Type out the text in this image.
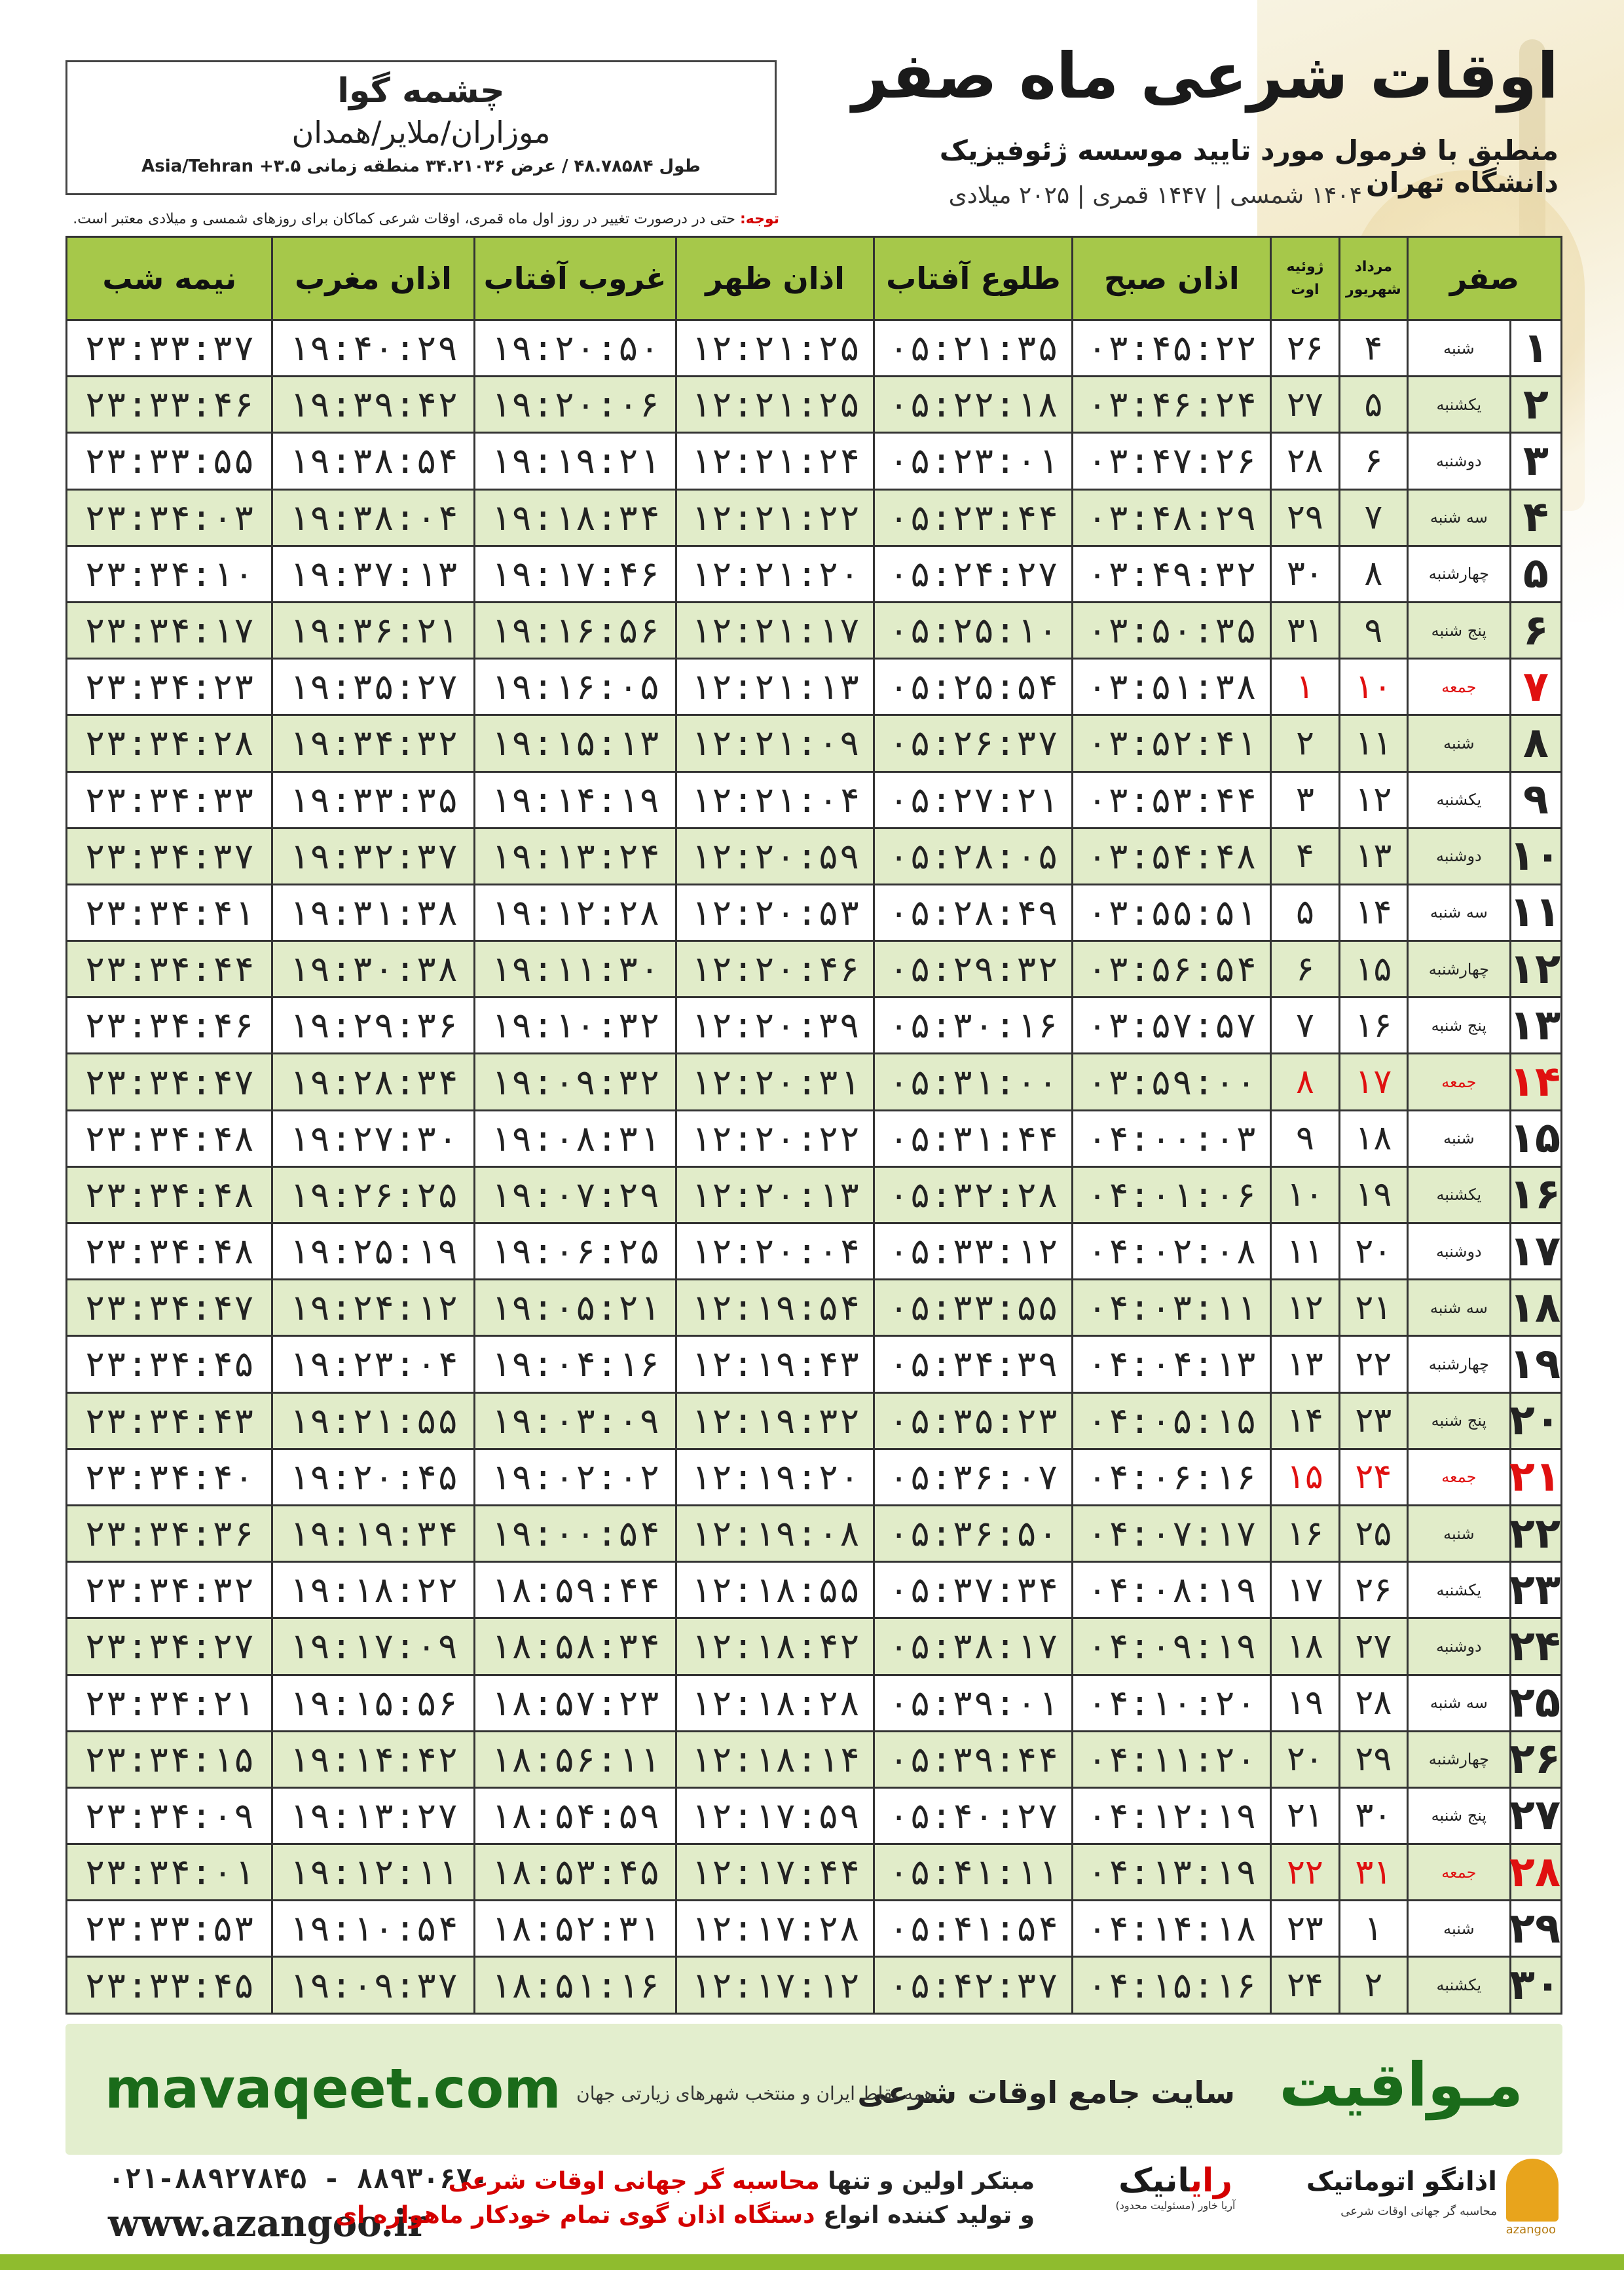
اوقات شرعی ماه صفر
منطبق با فرمول مورد تایید موسسه ژئوفیزیک دانشگاه تهران
۱۴۰۴ شمسی | ۱۴۴۷ قمری | ۲۰۲۵ میلادی
چشمه گوا
موزاران/ملایر/همدان
طول ۴۸.۷۸۵۸۴ / عرض ۳۴.۲۱۰۳۶ منطقه زمانی ۳.۵+ Asia/Tehran
توجه: حتی در درصورت تغییر در روز اول ماه قمری، اوقات شرعی کماکان برای روزهای شمسی و میلادی معتبر است.
صفر		مرداد شهریور	ژوئیه اوت	اذان صبح	طلوع آفتاب	اذان ظهر	غروب آفتاب	اذان مغرب	نیمه شب
۱	شنبه	۴	۲۶	۰۳:۴۵:۲۲	۰۵:۲۱:۳۵	۱۲:۲۱:۲۵	۱۹:۲۰:۵۰	۱۹:۴۰:۲۹	۲۳:۳۳:۳۷
۲	یکشنبه	۵	۲۷	۰۳:۴۶:۲۴	۰۵:۲۲:۱۸	۱۲:۲۱:۲۵	۱۹:۲۰:۰۶	۱۹:۳۹:۴۲	۲۳:۳۳:۴۶
۳	دوشنبه	۶	۲۸	۰۳:۴۷:۲۶	۰۵:۲۳:۰۱	۱۲:۲۱:۲۴	۱۹:۱۹:۲۱	۱۹:۳۸:۵۴	۲۳:۳۳:۵۵
۴	سه شنبه	۷	۲۹	۰۳:۴۸:۲۹	۰۵:۲۳:۴۴	۱۲:۲۱:۲۲	۱۹:۱۸:۳۴	۱۹:۳۸:۰۴	۲۳:۳۴:۰۳
۵	چهارشنبه	۸	۳۰	۰۳:۴۹:۳۲	۰۵:۲۴:۲۷	۱۲:۲۱:۲۰	۱۹:۱۷:۴۶	۱۹:۳۷:۱۳	۲۳:۳۴:۱۰
۶	پنج شنبه	۹	۳۱	۰۳:۵۰:۳۵	۰۵:۲۵:۱۰	۱۲:۲۱:۱۷	۱۹:۱۶:۵۶	۱۹:۳۶:۲۱	۲۳:۳۴:۱۷
۷	جمعه	۱۰	۱	۰۳:۵۱:۳۸	۰۵:۲۵:۵۴	۱۲:۲۱:۱۳	۱۹:۱۶:۰۵	۱۹:۳۵:۲۷	۲۳:۳۴:۲۳
۸	شنبه	۱۱	۲	۰۳:۵۲:۴۱	۰۵:۲۶:۳۷	۱۲:۲۱:۰۹	۱۹:۱۵:۱۳	۱۹:۳۴:۳۲	۲۳:۳۴:۲۸
۹	یکشنبه	۱۲	۳	۰۳:۵۳:۴۴	۰۵:۲۷:۲۱	۱۲:۲۱:۰۴	۱۹:۱۴:۱۹	۱۹:۳۳:۳۵	۲۳:۳۴:۳۳
۱۰	دوشنبه	۱۳	۴	۰۳:۵۴:۴۸	۰۵:۲۸:۰۵	۱۲:۲۰:۵۹	۱۹:۱۳:۲۴	۱۹:۳۲:۳۷	۲۳:۳۴:۳۷
۱۱	سه شنبه	۱۴	۵	۰۳:۵۵:۵۱	۰۵:۲۸:۴۹	۱۲:۲۰:۵۳	۱۹:۱۲:۲۸	۱۹:۳۱:۳۸	۲۳:۳۴:۴۱
۱۲	چهارشنبه	۱۵	۶	۰۳:۵۶:۵۴	۰۵:۲۹:۳۲	۱۲:۲۰:۴۶	۱۹:۱۱:۳۰	۱۹:۳۰:۳۸	۲۳:۳۴:۴۴
۱۳	پنج شنبه	۱۶	۷	۰۳:۵۷:۵۷	۰۵:۳۰:۱۶	۱۲:۲۰:۳۹	۱۹:۱۰:۳۲	۱۹:۲۹:۳۶	۲۳:۳۴:۴۶
۱۴	جمعه	۱۷	۸	۰۳:۵۹:۰۰	۰۵:۳۱:۰۰	۱۲:۲۰:۳۱	۱۹:۰۹:۳۲	۱۹:۲۸:۳۴	۲۳:۳۴:۴۷
۱۵	شنبه	۱۸	۹	۰۴:۰۰:۰۳	۰۵:۳۱:۴۴	۱۲:۲۰:۲۲	۱۹:۰۸:۳۱	۱۹:۲۷:۳۰	۲۳:۳۴:۴۸
۱۶	یکشنبه	۱۹	۱۰	۰۴:۰۱:۰۶	۰۵:۳۲:۲۸	۱۲:۲۰:۱۳	۱۹:۰۷:۲۹	۱۹:۲۶:۲۵	۲۳:۳۴:۴۸
۱۷	دوشنبه	۲۰	۱۱	۰۴:۰۲:۰۸	۰۵:۳۳:۱۲	۱۲:۲۰:۰۴	۱۹:۰۶:۲۵	۱۹:۲۵:۱۹	۲۳:۳۴:۴۸
۱۸	سه شنبه	۲۱	۱۲	۰۴:۰۳:۱۱	۰۵:۳۳:۵۵	۱۲:۱۹:۵۴	۱۹:۰۵:۲۱	۱۹:۲۴:۱۲	۲۳:۳۴:۴۷
۱۹	چهارشنبه	۲۲	۱۳	۰۴:۰۴:۱۳	۰۵:۳۴:۳۹	۱۲:۱۹:۴۳	۱۹:۰۴:۱۶	۱۹:۲۳:۰۴	۲۳:۳۴:۴۵
۲۰	پنج شنبه	۲۳	۱۴	۰۴:۰۵:۱۵	۰۵:۳۵:۲۳	۱۲:۱۹:۳۲	۱۹:۰۳:۰۹	۱۹:۲۱:۵۵	۲۳:۳۴:۴۳
۲۱	جمعه	۲۴	۱۵	۰۴:۰۶:۱۶	۰۵:۳۶:۰۷	۱۲:۱۹:۲۰	۱۹:۰۲:۰۲	۱۹:۲۰:۴۵	۲۳:۳۴:۴۰
۲۲	شنبه	۲۵	۱۶	۰۴:۰۷:۱۷	۰۵:۳۶:۵۰	۱۲:۱۹:۰۸	۱۹:۰۰:۵۴	۱۹:۱۹:۳۴	۲۳:۳۴:۳۶
۲۳	یکشنبه	۲۶	۱۷	۰۴:۰۸:۱۹	۰۵:۳۷:۳۴	۱۲:۱۸:۵۵	۱۸:۵۹:۴۴	۱۹:۱۸:۲۲	۲۳:۳۴:۳۲
۲۴	دوشنبه	۲۷	۱۸	۰۴:۰۹:۱۹	۰۵:۳۸:۱۷	۱۲:۱۸:۴۲	۱۸:۵۸:۳۴	۱۹:۱۷:۰۹	۲۳:۳۴:۲۷
۲۵	سه شنبه	۲۸	۱۹	۰۴:۱۰:۲۰	۰۵:۳۹:۰۱	۱۲:۱۸:۲۸	۱۸:۵۷:۲۳	۱۹:۱۵:۵۶	۲۳:۳۴:۲۱
۲۶	چهارشنبه	۲۹	۲۰	۰۴:۱۱:۲۰	۰۵:۳۹:۴۴	۱۲:۱۸:۱۴	۱۸:۵۶:۱۱	۱۹:۱۴:۴۲	۲۳:۳۴:۱۵
۲۷	پنج شنبه	۳۰	۲۱	۰۴:۱۲:۱۹	۰۵:۴۰:۲۷	۱۲:۱۷:۵۹	۱۸:۵۴:۵۹	۱۹:۱۳:۲۷	۲۳:۳۴:۰۹
۲۸	جمعه	۳۱	۲۲	۰۴:۱۳:۱۹	۰۵:۴۱:۱۱	۱۲:۱۷:۴۴	۱۸:۵۳:۴۵	۱۹:۱۲:۱۱	۲۳:۳۴:۰۱
۲۹	شنبه	۱	۲۳	۰۴:۱۴:۱۸	۰۵:۴۱:۵۴	۱۲:۱۷:۲۸	۱۸:۵۲:۳۱	۱۹:۱۰:۵۴	۲۳:۳۳:۵۳
۳۰	یکشنبه	۲	۲۴	۰۴:۱۵:۱۶	۰۵:۴۲:۳۷	۱۲:۱۷:۱۲	۱۸:۵۱:۱۶	۱۹:۰۹:۳۷	۲۳:۳۳:۴۵
مـواقیت
سایت جامع اوقات شرعی
همه نقاط ایران و منتخب شهرهای زیارتی جهان
mavaqeet.com
۰۲۱-۸۸۹۲۷۸۴۵ - ۸۸۹۳۰۶۷۰
www.azangoo.ir
مبتکر اولین و تنها محاسبه گر جهانی اوقات شرعی
و تولید کننده انواع دستگاه اذان گوی تمام خودکار ماهواره ای
رایانیک
آریا خاور (مسئولیت محدود)
اذانگو اتوماتیک
محاسبه گر جهانی اوقات شرعی
azangoo
